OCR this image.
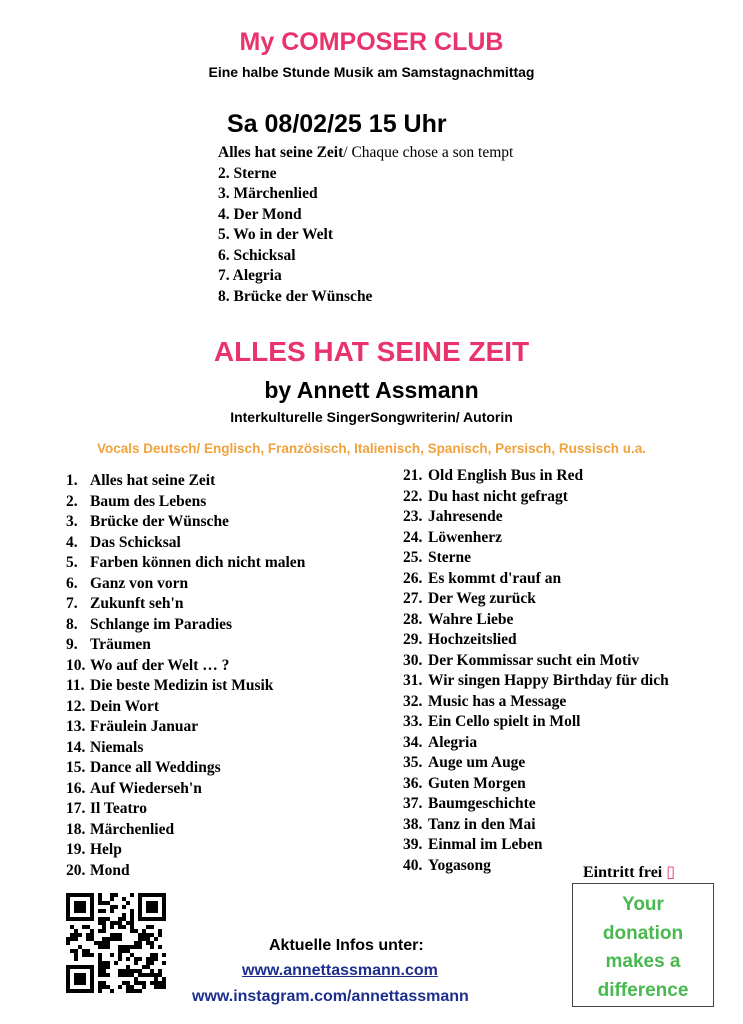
My COMPOSER CLUB
Eine halbe Stunde Musik am Samstagnachmittag
Sa 08/02/25 15 Uhr
Alles hat seine Zeit/ Chaque chose a son tempt
2. Sterne
3. Märchenlied
4. Der Mond
5. Wo in der Welt
6. Schicksal
7. Alegria
8. Brücke der Wünsche
ALLES HAT SEINE ZEIT
by Annett Assmann
Interkulturelle SingerSongwriterin/ Autorin
Vocals Deutsch/ Englisch, Französisch, Italienisch, Spanisch, Persisch, Russisch u.a.
1. Alles hat seine Zeit
2. Baum des Lebens
3. Brücke der Wünsche
4. Das Schicksal
5. Farben können dich nicht malen
6. Ganz von vorn
7. Zukunft seh'n
8. Schlange im Paradies
9. Träumen
10. Wo auf der Welt … ?
11. Die beste Medizin ist Musik
12. Dein Wort
13. Fräulein Januar
14. Niemals
15. Dance all Weddings
16. Auf Wiederseh'n
17. Il Teatro
18. Märchenlied
19. Help
20. Mond
21. Old English Bus in Red
22. Du hast nicht gefragt
23. Jahresende
24. Löwenherz
25. Sterne
26. Es kommt d'rauf an
27. Der Weg zurück
28. Wahre Liebe
29. Hochzeitslied
30. Der Kommissar sucht ein Motiv
31. Wir singen Happy Birthday für dich
32. Music has a Message
33. Ein Cello spielt in Moll
34. Alegria
35. Auge um Auge
36. Guten Morgen
37. Baumgeschichte
38. Tanz in den Mai
39. Einmal im Leben
40. Yogasong	Eintritt frei ▯
Your
donation
makes a
difference
Aktuelle Infos unter:
www.annettassmann.com
www.instagram.com/annettassmann
